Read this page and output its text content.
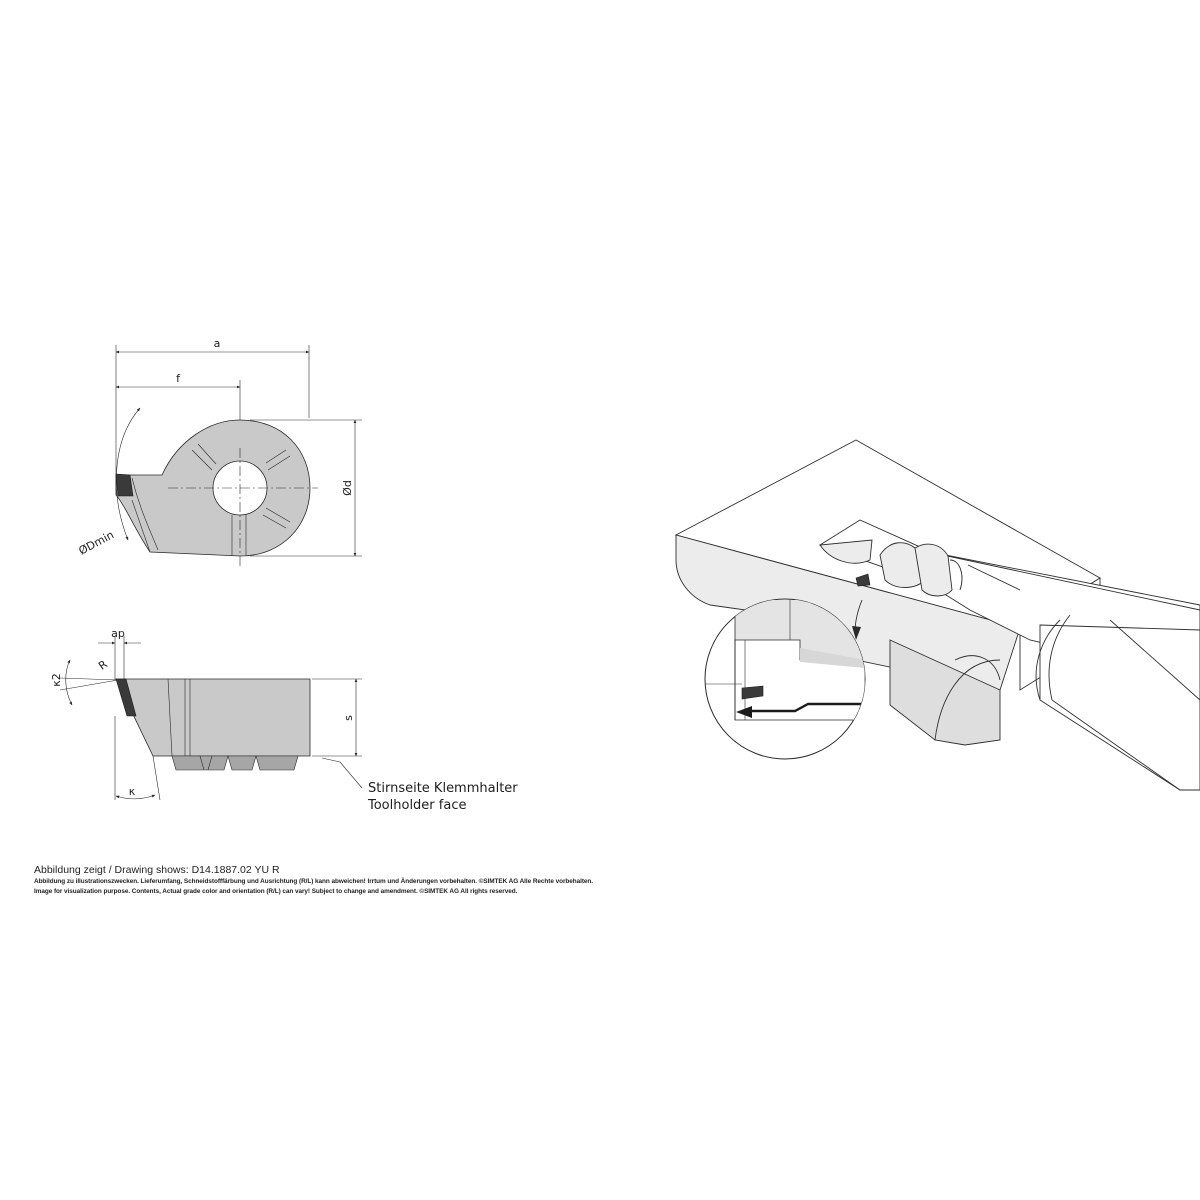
a
f
ØDmin
Ød
ap
R
κ2
s
κ	Stirnseite Klemmhalter
Toolholder face
Abbildung zeigt / Drawing shows: D14.1887.02 YU R
Abbildung zu illustrationszwecken. Lieferumfang, Schneidstofffärbung und Ausrichtung (R/L) kann abweichen! Irrtum und Änderungen vorbehalten. ©SIMTEK AG Alle Rechte vorbehalten.
Image for visualization purpose. Contents, Actual grade color and orientation (R/L) can vary! Subject to change and amendment. ©SIMTEK AG All rights reserved.
